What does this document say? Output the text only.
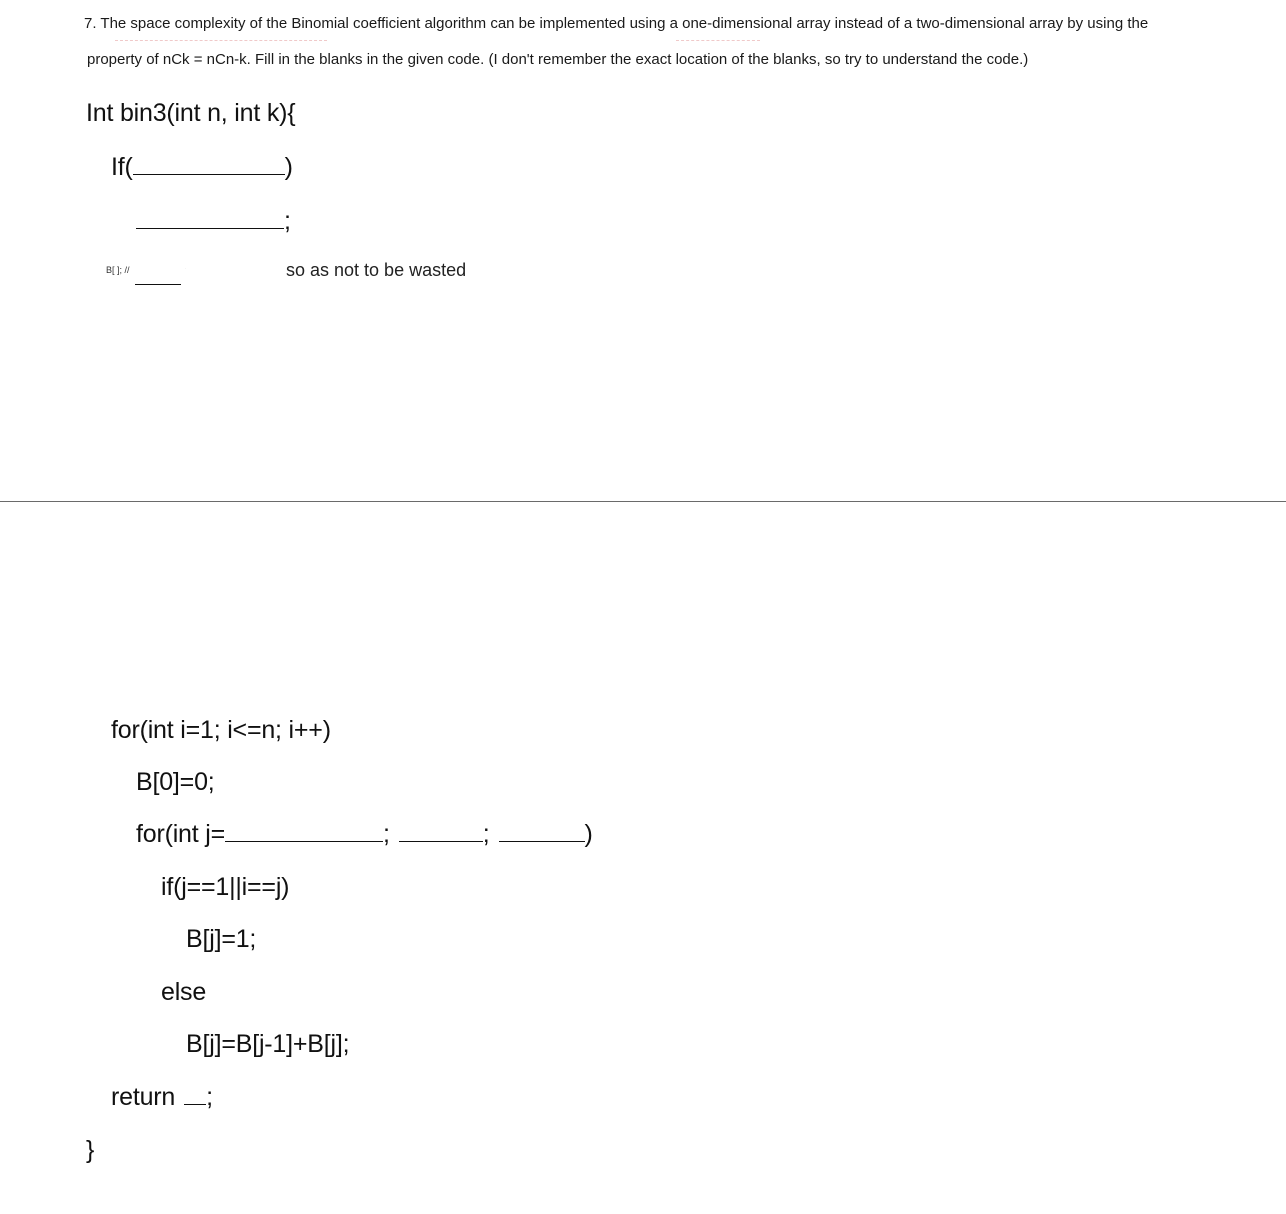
7. The space complexity of the Binomial coefficient algorithm can be implemented using a one-dimensional array instead of a two-dimensional array by using the
property of nCk = nCn-k. Fill in the blanks in the given code. (I don't remember the exact location of the blanks, so try to understand the code.)
Int bin3(int n, int k){
If(	)
;
B[ ]; //	˙	so as not to be wasted
for(int i=1; i<=n; i++)
B[0]=0;
for(int j=	;	;	)
if(j==1||i==j)
B[j]=1;
else
B[j]=B[j-1]+B[j];
return ;
}
